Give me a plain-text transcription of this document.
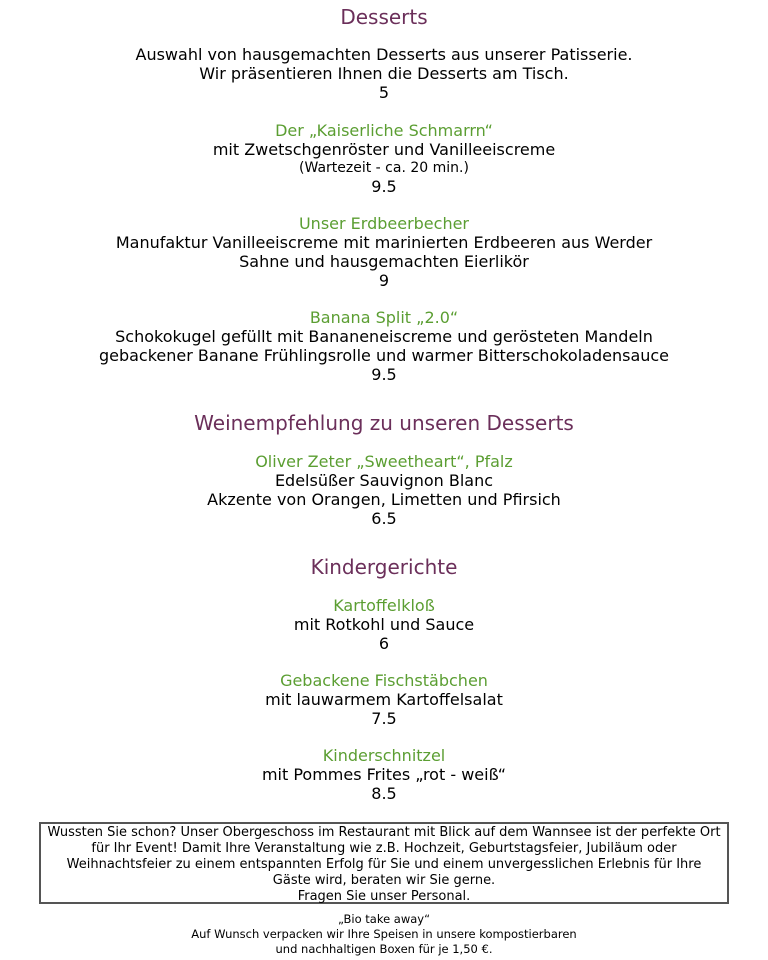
Desserts
Auswahl von hausgemachten Desserts aus unserer Patisserie.
Wir präsentieren Ihnen die Desserts am Tisch.
5
Der „Kaiserliche Schmarrn“
mit Zwetschgenröster und Vanilleeiscreme
(Wartezeit - ca. 20 min.)
9.5
Unser Erdbeerbecher
Manufaktur Vanilleeiscreme mit marinierten Erdbeeren aus Werder
Sahne und hausgemachten Eierlikör
9
Banana Split „2.0“
Schokokugel gefüllt mit Bananeneiscreme und gerösteten Mandeln
gebackener Banane Frühlingsrolle und warmer Bitterschokoladensauce
9.5
Weinempfehlung zu unseren Desserts
Oliver Zeter „Sweetheart“, Pfalz
Edelsüßer Sauvignon Blanc
Akzente von Orangen, Limetten und Pfirsich
6.5
Kindergerichte
Kartoffelkloß
mit Rotkohl und Sauce
6
Gebackene Fischstäbchen
mit lauwarmem Kartoffelsalat
7.5
Kinderschnitzel
mit Pommes Frites „rot - weiß“
8.5
Wussten Sie schon? Unser Obergeschoss im Restaurant mit Blick auf dem Wannsee ist der perfekte Ort
für Ihr Event! Damit Ihre Veranstaltung wie z.B. Hochzeit, Geburtstagsfeier, Jubiläum oder
Weihnachtsfeier zu einem entspannten Erfolg für Sie und einem unvergesslichen Erlebnis für Ihre
Gäste wird, beraten wir Sie gerne.
Fragen Sie unser Personal.
„Bio take away“
Auf Wunsch verpacken wir Ihre Speisen in unsere kompostierbaren
und nachhaltigen Boxen für je 1,50 €.
